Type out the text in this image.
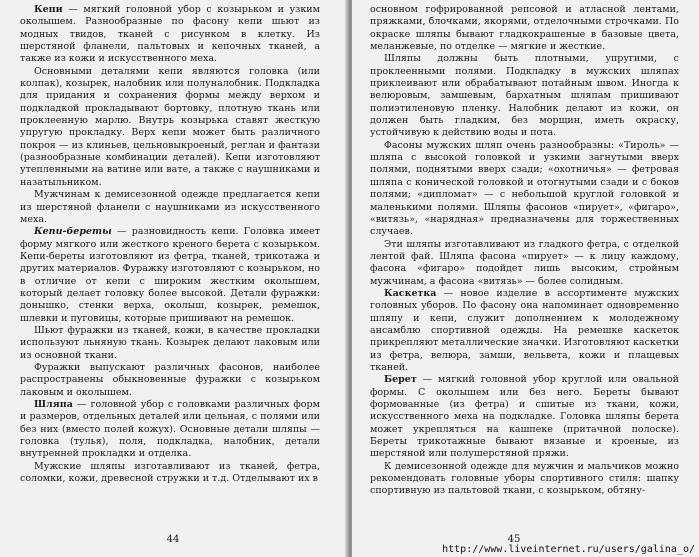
Кепи — мягкий головной убор с козырьком и узким околышем. Разнообразные по фасону кепи шьют из модных твидов, тканей с рисунком в клетку. Из шерстяной фланели, пальтовых и кепочных тканей, а также из кожи и искусственного меха.

Основными деталями кепи являются головка (или колпак), козырек, налобник или полуналобник. Подкладка для придания и сохранения формы между верхом и подкладкой прокладывают бортовку, плотную ткань или проклеенную марлю. Внутрь козырька ставят жесткую упругую прокладку. Верх кепи может быть различного покроя — из клиньев, цельновыкроеный, реглан и фантази (разнообразные комбинации деталей). Кепи изготовляют утепленными на ватине или вате, а также с наушниками и назатыльником.

Мужчинам к демисезонной одежде предлагается кепи из шерстяной фланели с наушниками из искусственного меха.

Кепи-береты — разновидность кепи. Головка имеет форму мягкого или жесткого креного берета с козырьком. Кепи-береты изготовляют из фетра, тканей, трикотажа и других материалов. Фуражку изготовляют с козырьком, но в отличие от кепи с широким жестким околышем, который делает головку более высокой. Детали фуражки: донышко, стенки верха, околыш, козырек, ремешок, шлевки и пуговицы, которые пришивают на ремешок.

Шьют фуражки из тканей, кожи, в качестве прокладки используют льняную ткань. Козырек делают лаковым или из основной ткани.

Фуражки выпускают различных фасонов, наиболее распространены обыкновенные фуражки с козырьком лаковым и околышем.

Шляпа — головной убор с головками различных форм и размеров, отдельных деталей или цельная, с полями или без них (вместо полей кожух). Основные детали шляпы — головка (тулья), поля, подкладка, налобник, детали внутренней прокладки и отделка.

Мужские шляпы изготавливают из тканей, фетра, соломки, кожи, древесной стружки и т.д. Отделывают их в

44

основном гофрированной репсовой и атласной лентами, пряжками, блочками, якорями, отделочными строчками. По окраске шляпы бывают гладкокрашеные в базовые цвета, меланжевые, по отделке — мягкие и жесткие.

Шляпы должны быть плотными, упругими, с проклеенными полями. Подкладку в мужских шляпах приклеивают или обрабатывают потайным швом. Иногда к велюровым, замшевым, бархатным шляпам пришивают полиэтиленовую пленку. Налобник делают из кожи, он должен быть гладким, без морщин, иметь окраску, устойчивую к действию воды и пота.

Фасоны мужских шляп очень разнообразны: «Тироль» — шляпа с высокой головкой и узкими загнутыми вверх полями, поднятыми вверх сзади; «охотничья» — фетровая шляпа с конической головкой и отогнутыми сзади и с боков полями; «дипломат» — с небольшой круглой головкой и маленькими полями. Шляпы фасонов «пирует», «фигаро», «витязь», «нарядная» предназначены для торжественных случаев.

Эти шляпы изготавливают из гладкого фетра, с отделкой лентой фай. Шляпа фасона «пирует» — к лицу каждому, фасона «фигаро» подойдет лишь высоким, стройным мужчинам, а фасона «витязь» — более солидным.

Каскетка — новое изделие в ассортименте мужских головных уборов. По фасону она напоминает одновременно шляпу и кепи, служит дополнением к молодежному ансамблю спортивной одежды. На ремешке каскеток прикрепляют металлические значки. Изготовляют каскетки из фетра, велюра, замши, вельвета, кожи и плащевых тканей.

Берет — мягкий головной убор круглой или овальной формы. С околышем или без него. Береты бывают формованные (из фетра) и сшитые из ткани, кожи, искусственного меха на подкладке. Головка шляпы берета может укрепляться на кашпеке (притачной полоске). Береты трикотажные бывают вязаные и кроеные, из шерстяной или полушерстяной пряжи.

К демисезонной одежде для мужчин и мальчиков можно рекомендовать головные уборы спортивного стиля: шапку спортивную из пальтовой ткани, с козырьком, обтяну-

45
http://www.liveinternet.ru/users/galina_o/
